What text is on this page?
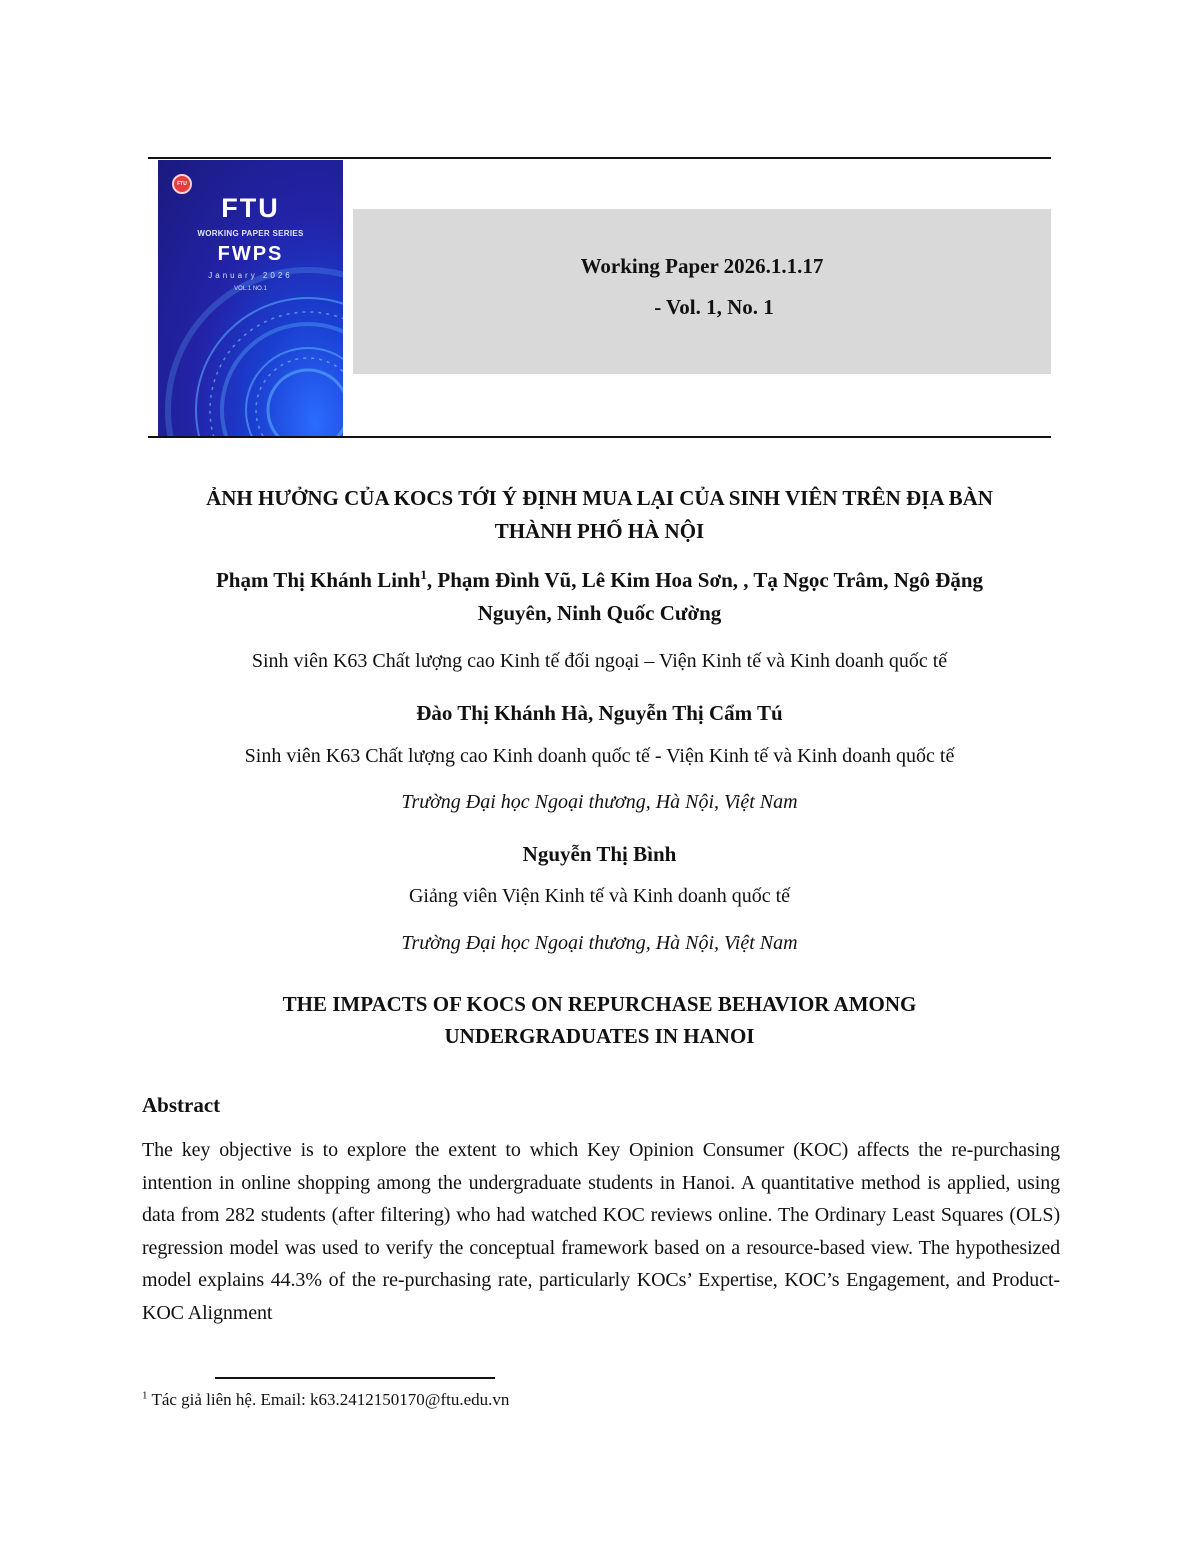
FTU
FTU
WORKING PAPER SERIES
FWPS
January 2026
VOL.1 NO.1
Working Paper 2026.1.1.17
- Vol. 1, No. 1
ẢNH HƯỞNG CỦA KOCS TỚI Ý ĐỊNH MUA LẠI CỦA SINH VIÊN TRÊN ĐỊA BÀN
THÀNH PHỐ HÀ NỘI
Phạm Thị Khánh Linh$^1$, Phạm Đình Vũ, Lê Kim Hoa Sơn, , Tạ Ngọc Trâm, Ngô Đặng
Nguyên, Ninh Quốc Cường
Sinh viên K63 Chất lượng cao Kinh tế đối ngoại – Viện Kinh tế và Kinh doanh quốc tế
Đào Thị Khánh Hà, Nguyễn Thị Cẩm Tú
Sinh viên K63 Chất lượng cao Kinh doanh quốc tế - Viện Kinh tế và Kinh doanh quốc tế
Trường Đại học Ngoại thương, Hà Nội, Việt Nam
Nguyễn Thị Bình
Giảng viên Viện Kinh tế và Kinh doanh quốc tế
Trường Đại học Ngoại thương, Hà Nội, Việt Nam
THE IMPACTS OF KOCS ON REPURCHASE BEHAVIOR AMONG
UNDERGRADUATES IN HANOI
Abstract
The key objective is to explore the extent to which Key Opinion Consumer (KOC) affects the re-purchasing intention in online shopping among the undergraduate students in Hanoi. A quantitative method is applied, using data from 282 students (after filtering) who had watched KOC reviews online. The Ordinary Least Squares (OLS) regression model was used to verify the conceptual framework based on a resource-based view. The hypothesized model explains 44.3% of the re-purchasing rate, particularly KOCs’ Expertise, KOC’s Engagement, and Product-KOC Alignment
$^1$ Tác giả liên hệ. Email: k63.2412150170@ftu.edu.vn
